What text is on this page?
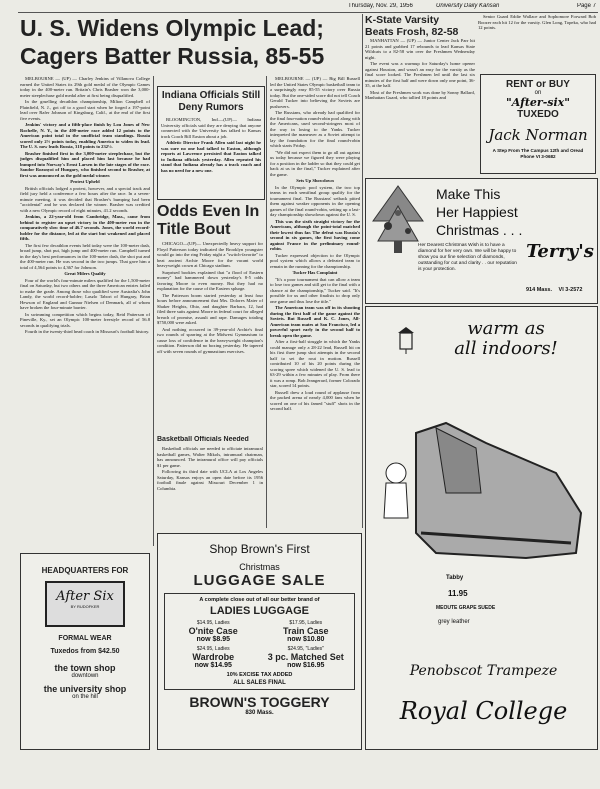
Thursday, Nov. 29, 1956	University Daily Kansan	Page 7
U. S. Widens Olympic Lead;
Cagers Batter Russia, 85-55

MELBOURNE — (UP) — Charley Jenkins of Villanova College earned the United States its 29th gold medal of the Olympic Games today in the 400-meter run. Britain's Chris Brasher won the 3,000-meter steeplechase gold medal after at first being disqualified.

In the gruelling decathlon championship, Milton Campbell of Plainfield, N. J., got off to a good start when he forged a 197-point lead over Rafer Johnson of Kingsburg, Calif., at the end of the first five events.

Jenkins' victory and a fifth-place finish by Lou Jones of New Rochelle, N. Y., in the 400-meter race added 12 points to the American point total in the unofficial team standings. Russia scored only 2½ points today, enabling America to widen its lead. The U. S. now leads Russia, 318 points to 232½.

Brasher finished first in the 3,000-meter steeplechase, but the judges disqualified him and placed him last because he had bumped into Norway's Ernst Larsen in the late stages of the race. Sandor Rozsnyoi of Hungary, who finished second to Brasher, at first was announced as the gold medal winner.

Protest Upheld

British officials lodged a protest, however, and a special track and field jury held a conference a few hours after the race. In a seven-minute meeting, it was decided that Brasher's bumping had been "accidental" and he was declared the winner. Brasher was credited with a new Olympic record of eight minutes, 41.2 seconds.

Jenkins, a 22-year-old from Cambridge, Mass., came from behind to register an upset victory in the 400-meter run in the comparatively slow time of 46.7 seconds. Jones, the world record-holder for the distance, led at the start but weakened and placed fifth.

The first few decathlon events held today were the 100-meter dash, broad jump, shot put, high jump and 400-meter run. Campbell turned in the day's best performances in the 100-meter dash, the shot put and the 400-meter run. He was second in the two jumps. That gave him a total of 4,564 points to 4,367 for Johnson.

Great Milers Qualify

Four of the world's four-minute milers qualified for the 1,500-meter final on Saturday, but two others and the three American entries failed to make the grade. Among those who qualified were Australia's John Landy, the world record-holder; Laszlo Tabori of Hungary, Brian Hewson of England and Gunnar Nielsen of Denmark, all of whom have broken the four-minute barrier.

In swimming competition which begins today, Reid Patterson of Pineville, Ky., set an Olympic 100-meter freestyle record of 56.8 seconds in qualifying trials.

Fourth in the twenty-third head coach in Missouri's football history.

Indiana Officials Still Deny Rumors

BLOOMINGTON, Ind.—(UP)— Indiana University officials said they are denying that anyone connected with the University has talked to Kansas track Coach Bill Easton about a job.

Athletic Director Frank Allen said last night he was sure no one had talked to Easton, although reports at Lawrence persisted that Easton talked to Indiana officials yesterday. Allen repeated his stand that Indiana already has a track coach and has no need for a new one.

Odds Even In Title Bout

CHICAGO—(UP)— Unexpectedly heavy support for Floyd Patterson today indicated the Brooklyn youngster would go into the ring Friday night a "switch-favorite" to beat ancient Archie Moore for the vacant world heavyweight crown at Chicago stadium.

Surprised bookies explained that "a flood of Eastern money" had hammered down yesterday's 8-5 odds favoring Moore to even money. But they had no explanation for the cause of the Eastern splurge.

The Patterson boom started yesterday at least four hours before announcement that Mrs. Dolores Maier of Shaker Heights, Ohio, and daughter Barbara, 12, had filed three suits against Moore in federal court for alleged breach of promise, assault and rape. Damages totaling $750,000 were asked.

And nothing occurred in 39-year-old Archie's final two rounds of sparring at the Midwest Gymnasium to cause loss of confidence in the heavyweight champion's condition. Patterson did no boxing yesterday. He tapered off with seven rounds of gymnastium exercises.

Basketball Officials Needed

Basketball officials are needed to officiate intramural basketball games, Walter Mikols, intramural chairman, has announced. The intramural office will pay officials $1 per game.

Following its third date with UCLA at Los Angeles Saturday, Kansas enjoys an open date before its 1956 football finale against Missouri December 1 in Columbia.

MELBOURNE — (UP) — Big Bill Russell led the United States Olympic basketball team to a surprisingly easy 85-55 victory over Russia today. But the one-sided score did not tell Coach Gerald Tucker into believing the Soviets are pushovers.

The Russians, who already had qualified for the final four-nation round-robin pool along with the Americans, used second-stringers most of the way in losing to the Yanks. Tucker interpreted the maneuver as a Soviet attempt to lay the foundation for the final round-robin which starts Friday.

"We did not expect them to go all out against us today because we figured they were playing for a position in the ladder so that they could get back at us in the final," Tucker explained after the game.

Sets Up Showdown

In the Olympic pool system, the two top teams in each semifinal group qualify for the tournament final. The Russians' setback pitted them against weaker opponents in the opening games of the final round-robin, setting up a last-day championship showdown against the U. S.

This was the sixth straight victory for the Americans, although the point-total matched their lowest thus far. The defeat was Russia's second in six games, the first having come against France in the preliminary round-robin.

Tucker expressed objection to the Olympic pool system which allows a defeated team to remain in the running for the championship.

Tucker Has Complaint

"It's a poor tournament that can allow a team to lose two games and still get to the final with a chance at the championship," Tucker said. "It's possible for us and other finalists to drop only one game and thus lose the title."

The American team was off in its shooting during the first half of the game against the Soviets. But Russell and K. C. Jones, All-American team mates at San Francisco, led a powerful spurt early in the second half to break open the game.

After a first-half struggle in which the Yanks could manage only a 28-22 lead, Russell hit on his first three jump shot attempts in the second half to set the rout in motion. Russell contributed 10 of his 20 points during the scoring spree which widened the U. S. lead to 63-29 within a few minutes of play. From there it was a romp. Bob Jeangerard, former Colorado star, scored 14 points.

Russell drew a loud round of applause from the packed arena of nearly 4,000 fans when he scored on one of his famed "stuff" shots in the second half.

K-State Varsity
Beats Frosh, 82-58

MANHATTAN — (UP) — Junior Center Jack Parr hit 21 points and grabbed 17 rebounds to lead Kansas State Wildcats to a 82-58 win over the Freshmen Wednesday night.

The event was a warmup for Saturday's home opener against Houston, and wasn't an easy for the varsity as the final score looked. The Freshmen led until the last six minutes of the first half and were down only one point, 36-35, at the half.

Most of the Freshmen work was done by Sonny Ballard, Manhattan Guard, who tallied 18 points and

Senior Guard Eddie Wallace and Sophomore Forward Bob Boozer each hit 12 for the varsity. Glen Long, Topeka, who had 12 points.

RENT or BUY
on
"After-six"
TUXEDO
Jack Norman
A Step From The Campus 12th and Oread Phone VI 3-0682
Make This
Her Happiest
Christmas . . .
Her Dearest Christmas Wish is to have a diamond for her very own. We will be happy to show you our fine selection of diamonds, outstanding for cut and clarity . . our reputation is your protection.
Terry's
914 Mass. VI 3-2572
warm as
all indoors!
Tabby
11.95
MEOUTE GRAPE SUEDE
grey leather
Penobscot Trampeze
Royal College
HEADQUARTERS FOR
After Six
BY RUDOFKER
FORMAL WEAR
Tuxedos from $42.50
the town shop
downtown
the university shop
on the hill
Shop Brown's First
Christmas
LUGGAGE SALE
A complete close out of all our better brand of
LADIES LUGGAGE
$14.95, Ladies
O'nite Case
now $8.95
$17.95, Ladies
Train Case
now $10.80
$24.95, Ladies
Wardrobe
now $14.95
$24.95, "Ladies"
3 pc. Matched Set
now $16.95
10% EXCISE TAX ADDED
ALL SALES FINAL
BROWN'S TOGGERY
830 Mass.
